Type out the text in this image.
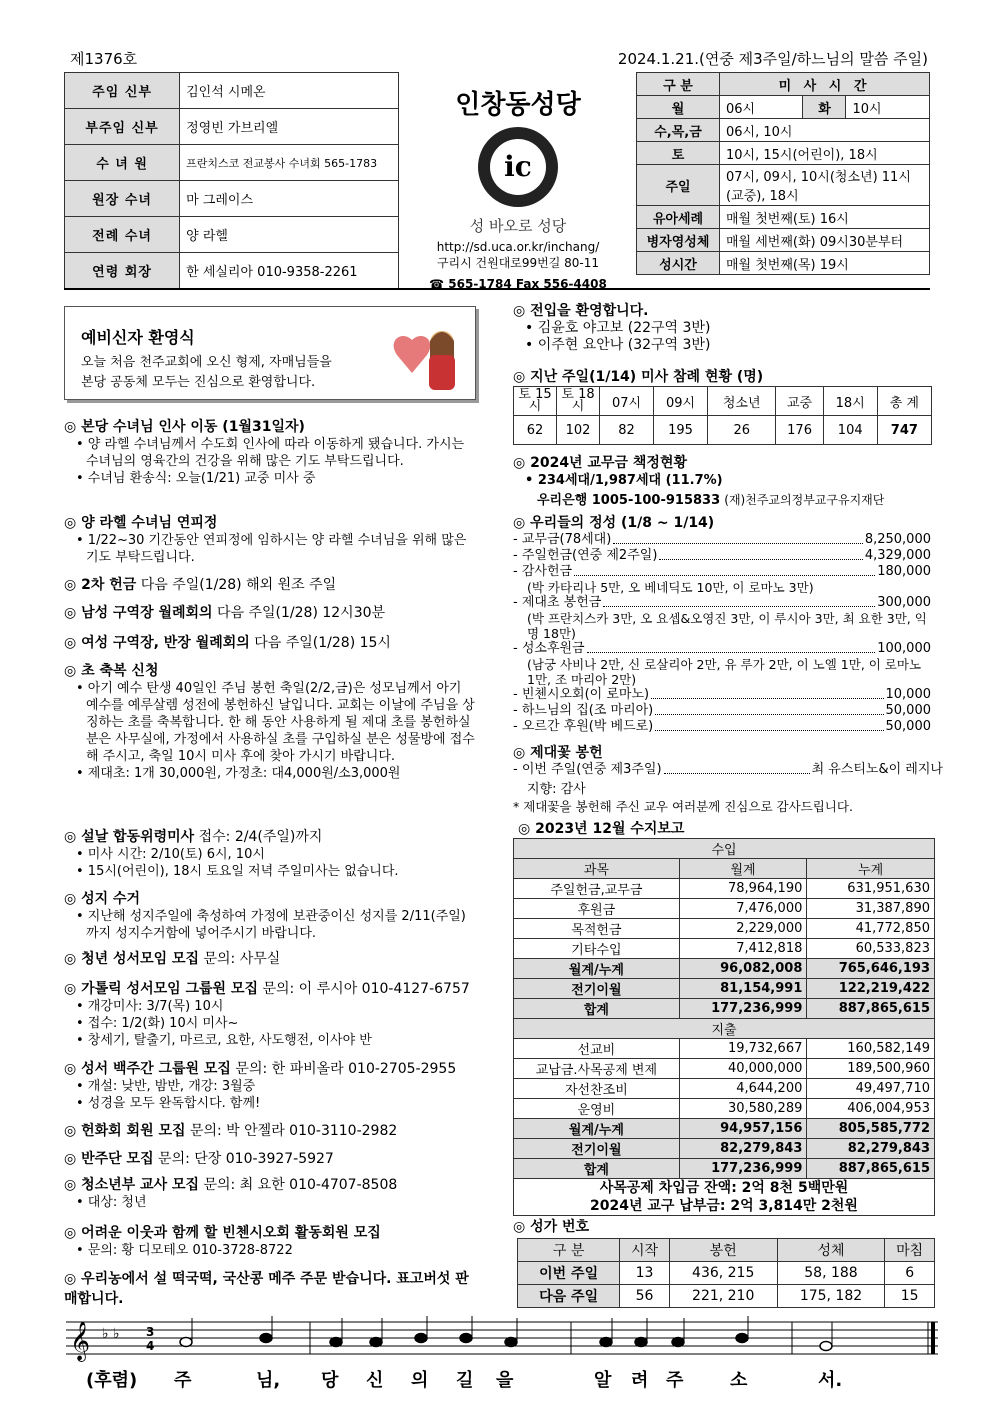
제1376호	2024.1.21.(연중 제3주일/하느님의 말씀 주일)
주임 신부	김인석 시메온
부주임 신부	정영빈 가브리엘
수 녀 원	프란치스코 전교봉사 수녀회 565-1783
원장 수녀	마 그레이스
전례 수녀	양 라헬
연령 회장	한 세실리아 010-9358-2261
인창동성당
ic
성 바오로 성당
http://sd.uca.or.kr/inchang/
구리시 건원대로99번길 80-11
☎ 565-1784 Fax 556-4408
구 분	미 사 시 간		
월	06시	화	10시
수,목,금	06시, 10시		
토	10시, 15시(어린이), 18시		
주일	07시, 09시, 10시(청소년) 11시(교중), 18시		
유아세례	매월 첫번째(토) 16시		
병자영성체	매월 세번째(화) 09시30분부터		
성시간	매월 첫번째(목) 19시		
예비신자 환영식
오늘 처음 천주교회에 오신 형제, 자매님들을
본당 공동체 모두는 진심으로 환영합니다.
◎ 본당 수녀님 인사 이동 (1월31일자)
• 양 라헬 수녀님께서 수도회 인사에 따라 이동하게 됐습니다. 가시는 수녀님의 영육간의 건강을 위해 많은 기도 부탁드립니다.
• 수녀님 환송식: 오늘(1/21) 교중 미사 중
◎ 양 라헬 수녀님 연피정
• 1/22~30 기간동안 연피정에 임하시는 양 라헬 수녀님을 위해 많은 기도 부탁드립니다.
◎ 2차 헌금 다음 주일(1/28) 해외 원조 주일
◎ 남성 구역장 월례회의 다음 주일(1/28) 12시30분
◎ 여성 구역장, 반장 월례회의 다음 주일(1/28) 15시
◎ 초 축복 신청
• 아기 예수 탄생 40일인 주님 봉헌 축일(2/2,금)은 성모님께서 아기 예수를 예루살렘 성전에 봉헌하신 날입니다. 교회는 이날에 주님을 상징하는 초를 축복합니다. 한 해 동안 사용하게 될 제대 초를 봉헌하실 분은 사무실에, 가정에서 사용하실 초를 구입하실 분은 성물방에 접수해 주시고, 축일 10시 미사 후에 찾아 가시기 바랍니다.
• 제대초: 1개 30,000원, 가정초: 대4,000원/소3,000원
◎ 설날 합동위령미사 접수: 2/4(주일)까지
• 미사 시간: 2/10(토) 6시, 10시
• 15시(어린이), 18시 토요일 저녁 주일미사는 없습니다.
◎ 성지 수거
• 지난해 성지주일에 축성하여 가정에 보관중이신 성지를 2/11(주일)까지 성지수거함에 넣어주시기 바랍니다.
◎ 청년 성서모임 모집 문의: 사무실
◎ 가톨릭 성서모임 그룹원 모집 문의: 이 루시아 010-4127-6757
• 개강미사: 3/7(목) 10시
• 접수: 1/2(화) 10시 미사~
• 창세기, 탈출기, 마르코, 요한, 사도행전, 이사야 반
◎ 성서 백주간 그룹원 모집 문의: 한 파비올라 010-2705-2955
• 개설: 낮반, 밤반, 개강: 3월중
• 성경을 모두 완독합시다. 함께!
◎ 헌화회 회원 모집 문의: 박 안젤라 010-3110-2982
◎ 반주단 모집 문의: 단장 010-3927-5927
◎ 청소년부 교사 모집 문의: 최 요한 010-4707-8508
• 대상: 청년
◎ 어려운 이웃과 함께 할 빈첸시오회 활동회원 모집
• 문의: 황 디모테오 010-3728-8722
◎ 우리농에서 설 떡국떡, 국산콩 메주 주문 받습니다. 표고버섯 판매합니다.
◎ 전입을 환영합니다.
• 김윤호 야고보 (22구역 3반)
• 이주현 요안나 (32구역 3반)
◎ 지난 주일(1/14) 미사 참례 현황 (명)
토 15시	토 18시	07시	09시	청소년	교중	18시	총 계
62	102	82	195	26	176	104	747
◎ 2024년 교무금 책정현황
• 234세대/1,987세대 (11.7%)
우리은행 1005-100-915833 (재)천주교의정부교구유지재단
◎ 우리들의 정성 (1/8 ~ 1/14)
- 교무금(78세대)	8,250,000
- 주일헌금(연중 제2주일)	4,329,000
- 감사헌금	180,000
(박 카타리나 5만, 오 베네딕도 10만, 이 로마노 3만)
- 제대초 봉헌금	300,000
(박 프란치스카 3만, 오 요셉&오영진 3만, 이 루시아 3만, 최 요한 3만, 익명 18만)
- 성소후원금	100,000
(남궁 사비나 2만, 신 로살리아 2만, 유 루가 2만, 이 노엘 1만, 이 로마노 1만, 조 마리아 2만)
- 빈첸시오회(이 로마노)	10,000
- 하느님의 집(조 마리아)	50,000
- 오르간 후원(박 베드로)	50,000
◎ 제대꽃 봉헌
- 이번 주일(연중 제3주일)	최 유스티노&이 레지나
지향: 감사
* 제대꽃을 봉헌해 주신 교우 여러분께 진심으로 감사드립니다.
◎ 2023년 12월 수지보고
수입		
과목	월계	누계
주일헌금,교무금	78,964,190	631,951,630
후원금	7,476,000	31,387,890
목적헌금	2,229,000	41,772,850
기타수입	7,412,818	60,533,823
월계/누계	96,082,008	765,646,193
전기이월	81,154,991	122,219,422
합계	177,236,999	887,865,615
지출		
선교비	19,732,667	160,582,149
교납금.사목공제 변제	40,000,000	189,500,960
자선찬조비	4,644,200	49,497,710
운영비	30,580,289	406,004,953
월계/누계	94,957,156	805,585,772
전기이월	82,279,843	82,279,843
합계	177,236,999	887,865,615

사목공제 차입금 잔액: 2억 8천 5백만원
2024년 교구 납부금: 2억 3,814만 2천원		
◎ 성가 번호
구 분	시작	봉헌	성체	마침
이번 주일	13	436, 215	58, 188	6
다음 주일	56	221, 210	175, 182	15
𝄞 ♭ ♭ 3
4
(후렴) 주	님, 당 신 의 길 을	알 려 주	소	서.
